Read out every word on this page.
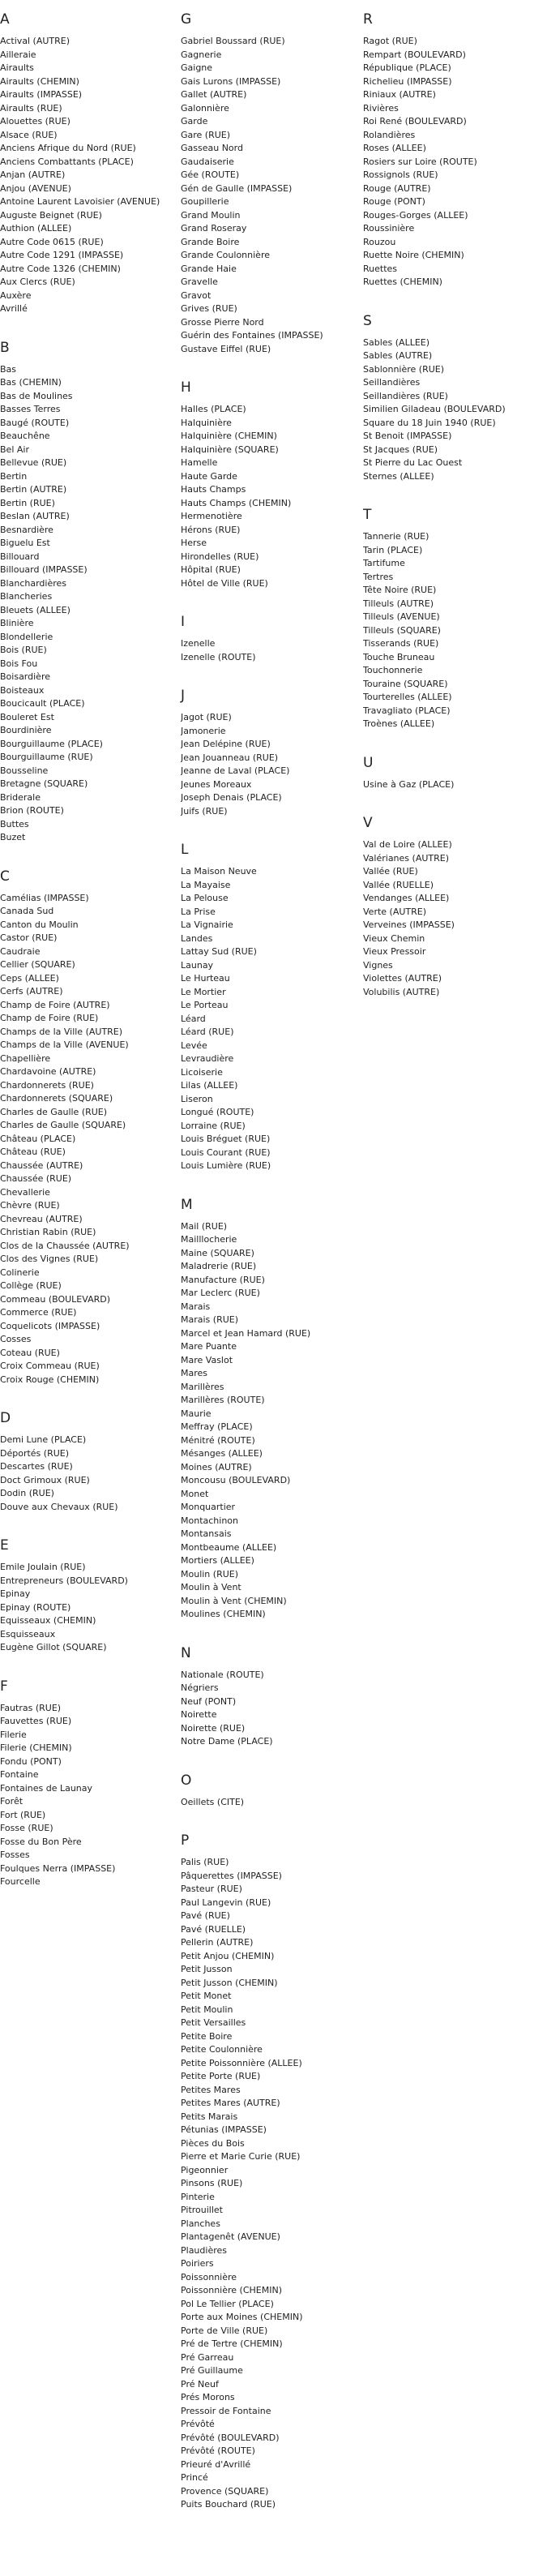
A
Actival (AUTRE)
Ailleraie
Airaults
Airaults (CHEMIN)
Airaults (IMPASSE)
Airaults (RUE)
Alouettes (RUE)
Alsace (RUE)
Anciens Afrique du Nord (RUE)
Anciens Combattants (PLACE)
Anjan (AUTRE)
Anjou (AVENUE)
Antoine Laurent Lavoisier (AVENUE)
Auguste Beignet (RUE)
Authion (ALLEE)
Autre Code 0615 (RUE)
Autre Code 1291 (IMPASSE)
Autre Code 1326 (CHEMIN)
Aux Clercs (RUE)
Auxère
Avrillé
B
Bas
Bas (CHEMIN)
Bas de Moulines
Basses Terres
Baugé (ROUTE)
Beauchêne
Bel Air
Bellevue (RUE)
Bertin
Bertin (AUTRE)
Bertin (RUE)
Beslan (AUTRE)
Besnardière
Biguelu Est
Billouard
Billouard (IMPASSE)
Blanchardières
Blancheries
Bleuets (ALLEE)
Blinière
Blondellerie
Bois (RUE)
Bois Fou
Boisardière
Boisteaux
Boucicault (PLACE)
Bouleret Est
Bourdinière
Bourguillaume (PLACE)
Bourguillaume (RUE)
Bousseline
Bretagne (SQUARE)
Briderale
Brion (ROUTE)
Buttes
Buzet
C
Camélias (IMPASSE)
Canada Sud
Canton du Moulin
Castor (RUE)
Caudraie
Cellier (SQUARE)
Ceps (ALLEE)
Cerfs (AUTRE)
Champ de Foire (AUTRE)
Champ de Foire (RUE)
Champs de la Ville (AUTRE)
Champs de la Ville (AVENUE)
Chapellière
Chardavoine (AUTRE)
Chardonnerets (RUE)
Chardonnerets (SQUARE)
Charles de Gaulle (RUE)
Charles de Gaulle (SQUARE)
Château (PLACE)
Château (RUE)
Chaussée (AUTRE)
Chaussée (RUE)
Chevallerie
Chèvre (RUE)
Chevreau (AUTRE)
Christian Rabin (RUE)
Clos de la Chaussée (AUTRE)
Clos des Vignes (RUE)
Colinerie
Collège (RUE)
Commeau (BOULEVARD)
Commerce (RUE)
Coquelicots (IMPASSE)
Cosses
Coteau (RUE)
Croix Commeau (RUE)
Croix Rouge (CHEMIN)
D
Demi Lune (PLACE)
Déportés (RUE)
Descartes (RUE)
Doct Grimoux (RUE)
Dodin (RUE)
Douve aux Chevaux (RUE)
E
Emile Joulain (RUE)
Entrepreneurs (BOULEVARD)
Epinay
Epinay (ROUTE)
Equisseaux (CHEMIN)
Esquisseaux
Eugène Gillot (SQUARE)
F
Fautras (RUE)
Fauvettes (RUE)
Filerie
Filerie (CHEMIN)
Fondu (PONT)
Fontaine
Fontaines de Launay
Forêt
Fort (RUE)
Fosse (RUE)
Fosse du Bon Père
Fosses
Foulques Nerra (IMPASSE)
Fourcelle
G
Gabriel Boussard (RUE)
Gagnerie
Gaigne
Gais Lurons (IMPASSE)
Gallet (AUTRE)
Galonnière
Garde
Gare (RUE)
Gasseau Nord
Gaudaiserie
Gée (ROUTE)
Gén de Gaulle (IMPASSE)
Goupillerie
Grand Moulin
Grand Roseray
Grande Boire
Grande Coulonnière
Grande Haie
Gravelle
Gravot
Grives (RUE)
Grosse Pierre Nord
Guérin des Fontaines (IMPASSE)
Gustave Eiffel (RUE)
H
Halles (PLACE)
Halquinière
Halquinière (CHEMIN)
Halquinière (SQUARE)
Hamelle
Haute Garde
Hauts Champs
Hauts Champs (CHEMIN)
Hermenotière
Hérons (RUE)
Herse
Hirondelles (RUE)
Hôpital (RUE)
Hôtel de Ville (RUE)
I
Izenelle
Izenelle (ROUTE)
J
Jagot (RUE)
Jamonerie
Jean Delépine (RUE)
Jean Jouanneau (RUE)
Jeanne de Laval (PLACE)
Jeunes Moreaux
Joseph Denais (PLACE)
Juifs (RUE)
L
La Maison Neuve
La Mayaise
La Pelouse
La Prise
La Vignairie
Landes
Lattay Sud (RUE)
Launay
Le Hurteau
Le Mortier
Le Porteau
Léard
Léard (RUE)
Levée
Levraudière
Licoiserie
Lilas (ALLEE)
Liseron
Longué (ROUTE)
Lorraine (RUE)
Louis Bréguet (RUE)
Louis Courant (RUE)
Louis Lumière (RUE)
M
Mail (RUE)
Mailllocherie
Maine (SQUARE)
Maladrerie (RUE)
Manufacture (RUE)
Mar Leclerc (RUE)
Marais
Marais (RUE)
Marcel et Jean Hamard (RUE)
Mare Puante
Mare Vaslot
Mares
Marillères
Marillères (ROUTE)
Maurie
Meffray (PLACE)
Ménitré (ROUTE)
Mésanges (ALLEE)
Moines (AUTRE)
Moncousu (BOULEVARD)
Monet
Monquartier
Montachinon
Montansais
Montbeaume (ALLEE)
Mortiers (ALLEE)
Moulin (RUE)
Moulin à Vent
Moulin à Vent (CHEMIN)
Moulines (CHEMIN)
N
Nationale (ROUTE)
Négriers
Neuf (PONT)
Noirette
Noirette (RUE)
Notre Dame (PLACE)
O
Oeillets (CITE)
P
Palis (RUE)
Pâquerettes (IMPASSE)
Pasteur (RUE)
Paul Langevin (RUE)
Pavé (RUE)
Pavé (RUELLE)
Pellerin (AUTRE)
Petit Anjou (CHEMIN)
Petit Jusson
Petit Jusson (CHEMIN)
Petit Monet
Petit Moulin
Petit Versailles
Petite Boire
Petite Coulonnière
Petite Poissonnière (ALLEE)
Petite Porte (RUE)
Petites Mares
Petites Mares (AUTRE)
Petits Marais
Pétunias (IMPASSE)
Pièces du Bois
Pierre et Marie Curie (RUE)
Pigeonnier
Pinsons (RUE)
Pinterie
Pitrouillet
Planches
Plantagenêt (AVENUE)
Plaudières
Poiriers
Poissonnière
Poissonnière (CHEMIN)
Pol Le Tellier (PLACE)
Porte aux Moines (CHEMIN)
Porte de Ville (RUE)
Pré de Tertre (CHEMIN)
Pré Garreau
Pré Guillaume
Pré Neuf
Prés Morons
Pressoir de Fontaine
Prévôté
Prévôté (BOULEVARD)
Prévôté (ROUTE)
Prieuré d'Avrillé
Princé
Provence (SQUARE)
Puits Bouchard (RUE)
R
Ragot (RUE)
Rempart (BOULEVARD)
République (PLACE)
Richelieu (IMPASSE)
Riniaux (AUTRE)
Rivières
Roi René (BOULEVARD)
Rolandières
Roses (ALLEE)
Rosiers sur Loire (ROUTE)
Rossignols (RUE)
Rouge (AUTRE)
Rouge (PONT)
Rouges-Gorges (ALLEE)
Roussinière
Rouzou
Ruette Noire (CHEMIN)
Ruettes
Ruettes (CHEMIN)
S
Sables (ALLEE)
Sables (AUTRE)
Sablonnière (RUE)
Seillandières
Seillandières (RUE)
Similien Giladeau (BOULEVARD)
Square du 18 Juin 1940 (RUE)
St Benoit (IMPASSE)
St Jacques (RUE)
St Pierre du Lac Ouest
Sternes (ALLEE)
T
Tannerie (RUE)
Tarin (PLACE)
Tartifume
Tertres
Tête Noire (RUE)
Tilleuls (AUTRE)
Tilleuls (AVENUE)
Tilleuls (SQUARE)
Tisserands (RUE)
Touche Bruneau
Touchonnerie
Touraine (SQUARE)
Tourterelles (ALLEE)
Travagliato (PLACE)
Troènes (ALLEE)
U
Usine à Gaz (PLACE)
V
Val de Loire (ALLEE)
Valérianes (AUTRE)
Vallée (RUE)
Vallée (RUELLE)
Vendanges (ALLEE)
Verte (AUTRE)
Verveines (IMPASSE)
Vieux Chemin
Vieux Pressoir
Vignes
Violettes (AUTRE)
Volubilis (AUTRE)
